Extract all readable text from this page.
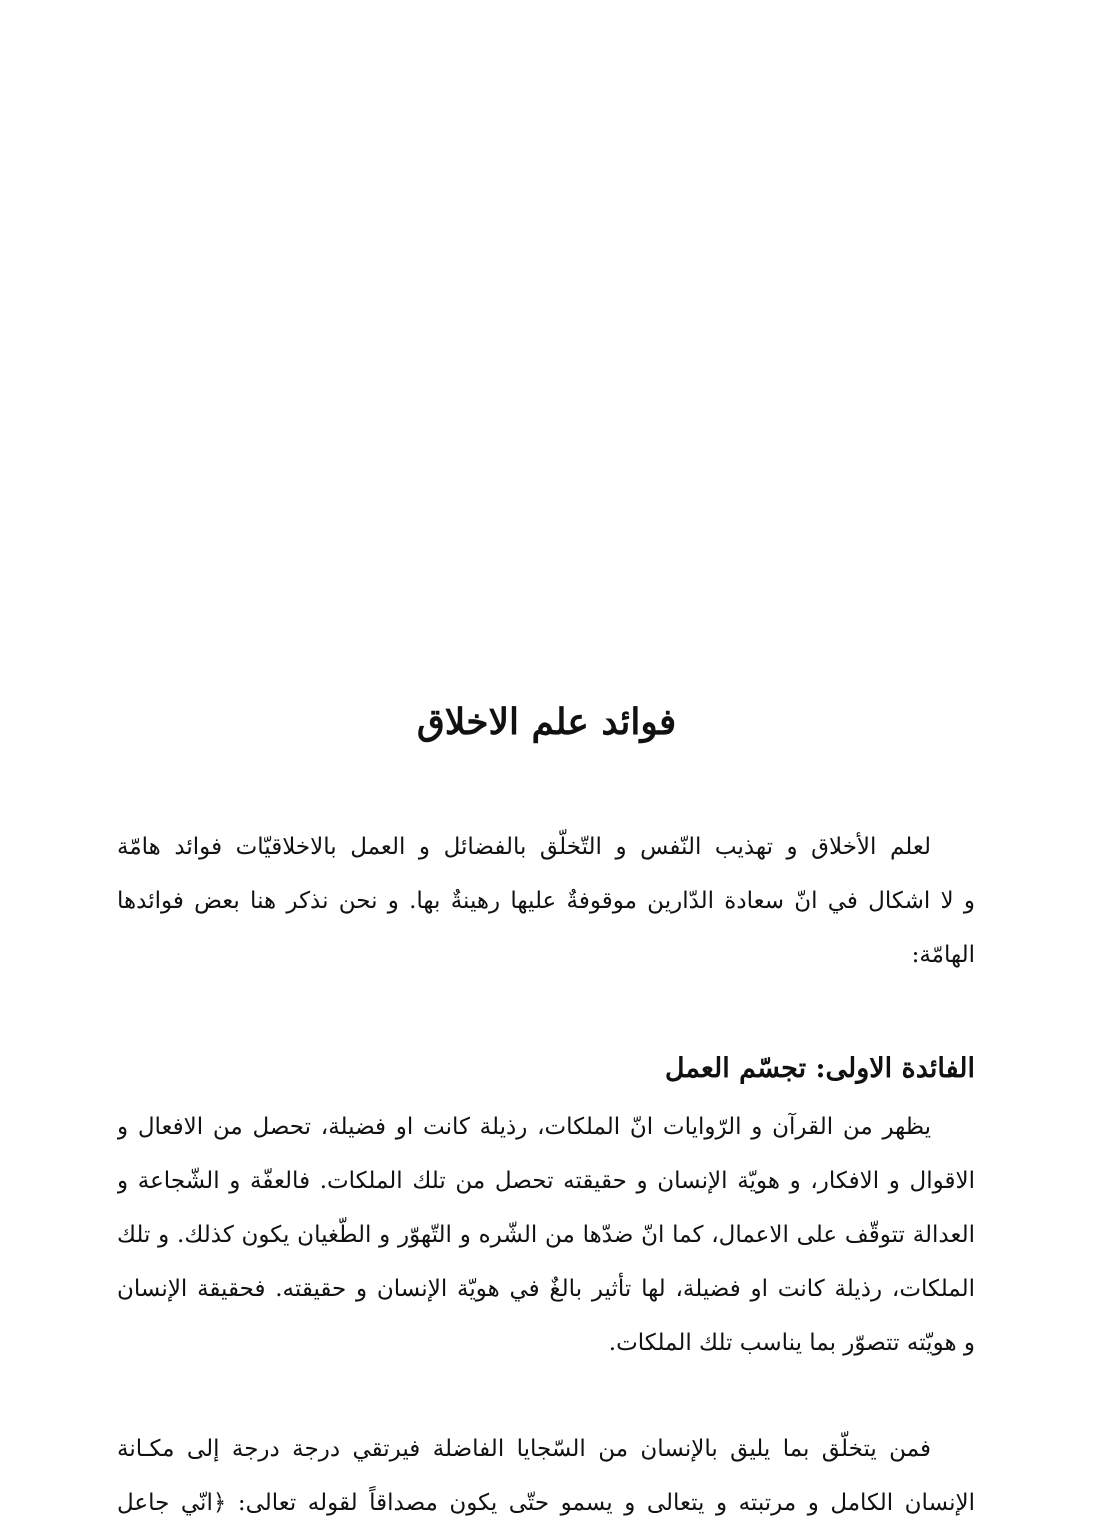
فوائد علم الاخلاق

لعلم الأخلاق و تهذيب النّفس و التّخلّق بالفضائل و العمل بالاخلاقيّات فوائد هامّة
و لا اشكال في انّ سعادة الدّارين موقوفةٌ عليها رهينةٌ بها. و نحن نذكر هنا بعض فوائدها
الهامّة:

الفائدة الاولى: تجسّم العمل

يظهر من القرآن و الرّوايات انّ الملكات، رذيلة كانت او فضيلة، تحصل من الافعال و
الاقوال و الافكار، و هويّة الإنسان و حقيقته تحصل من تلك الملكات. فالعفّة و الشّجاعة و
العدالة تتوقّف على الاعمال، كما انّ ضدّها من الشّره و التّهوّر و الطّغيان يكون كذلك. و تلك
الملكات، رذيلة كانت او فضيلة، لها تأثير بالغٌ في هويّة الإنسان و حقيقته. فحقيقة الإنسان
و هويّته تتصوّر بما يناسب تلك الملكات.

فمن يتخلّق بما يليق بالإنسان من السّجايا الفاضلة فيرتقي درجة درجة إلى مكـانة
الإنسان الكامل و مرتبته و يتعالى و يسمو حتّى يكون مصداقاً لقوله تعالى: ﴿انّي جاعل
